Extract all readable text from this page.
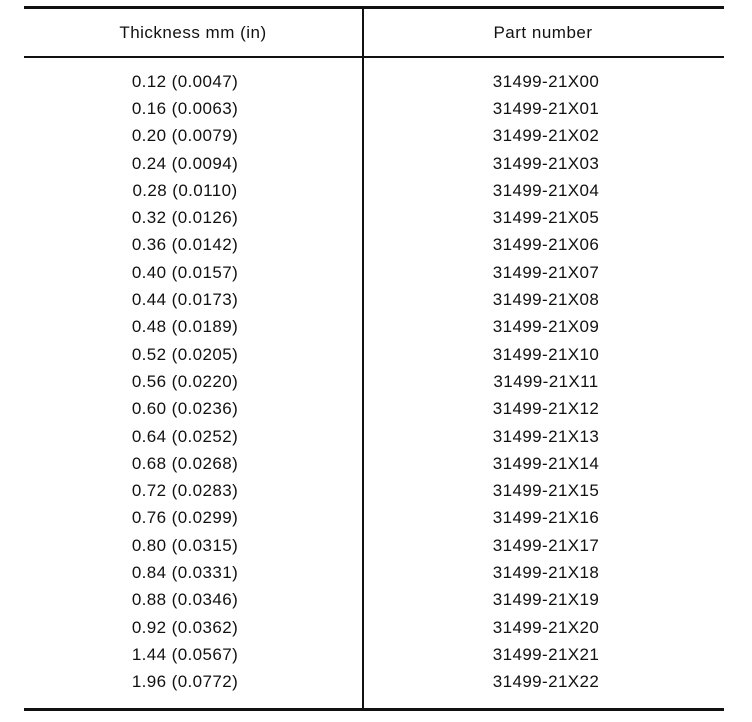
Thickness mm (in)	Part number
0.12 (0.0047)	31499-21X00
0.16 (0.0063)	31499-21X01
0.20 (0.0079)	31499-21X02
0.24 (0.0094)	31499-21X03
0.28 (0.0110)	31499-21X04
0.32 (0.0126)	31499-21X05
0.36 (0.0142)	31499-21X06
0.40 (0.0157)	31499-21X07
0.44 (0.0173)	31499-21X08
0.48 (0.0189)	31499-21X09
0.52 (0.0205)	31499-21X10
0.56 (0.0220)	31499-21X11
0.60 (0.0236)	31499-21X12
0.64 (0.0252)	31499-21X13
0.68 (0.0268)	31499-21X14
0.72 (0.0283)	31499-21X15
0.76 (0.0299)	31499-21X16
0.80 (0.0315)	31499-21X17
0.84 (0.0331)	31499-21X18
0.88 (0.0346)	31499-21X19
0.92 (0.0362)	31499-21X20
1.44 (0.0567)	31499-21X21
1.96 (0.0772)	31499-21X22
